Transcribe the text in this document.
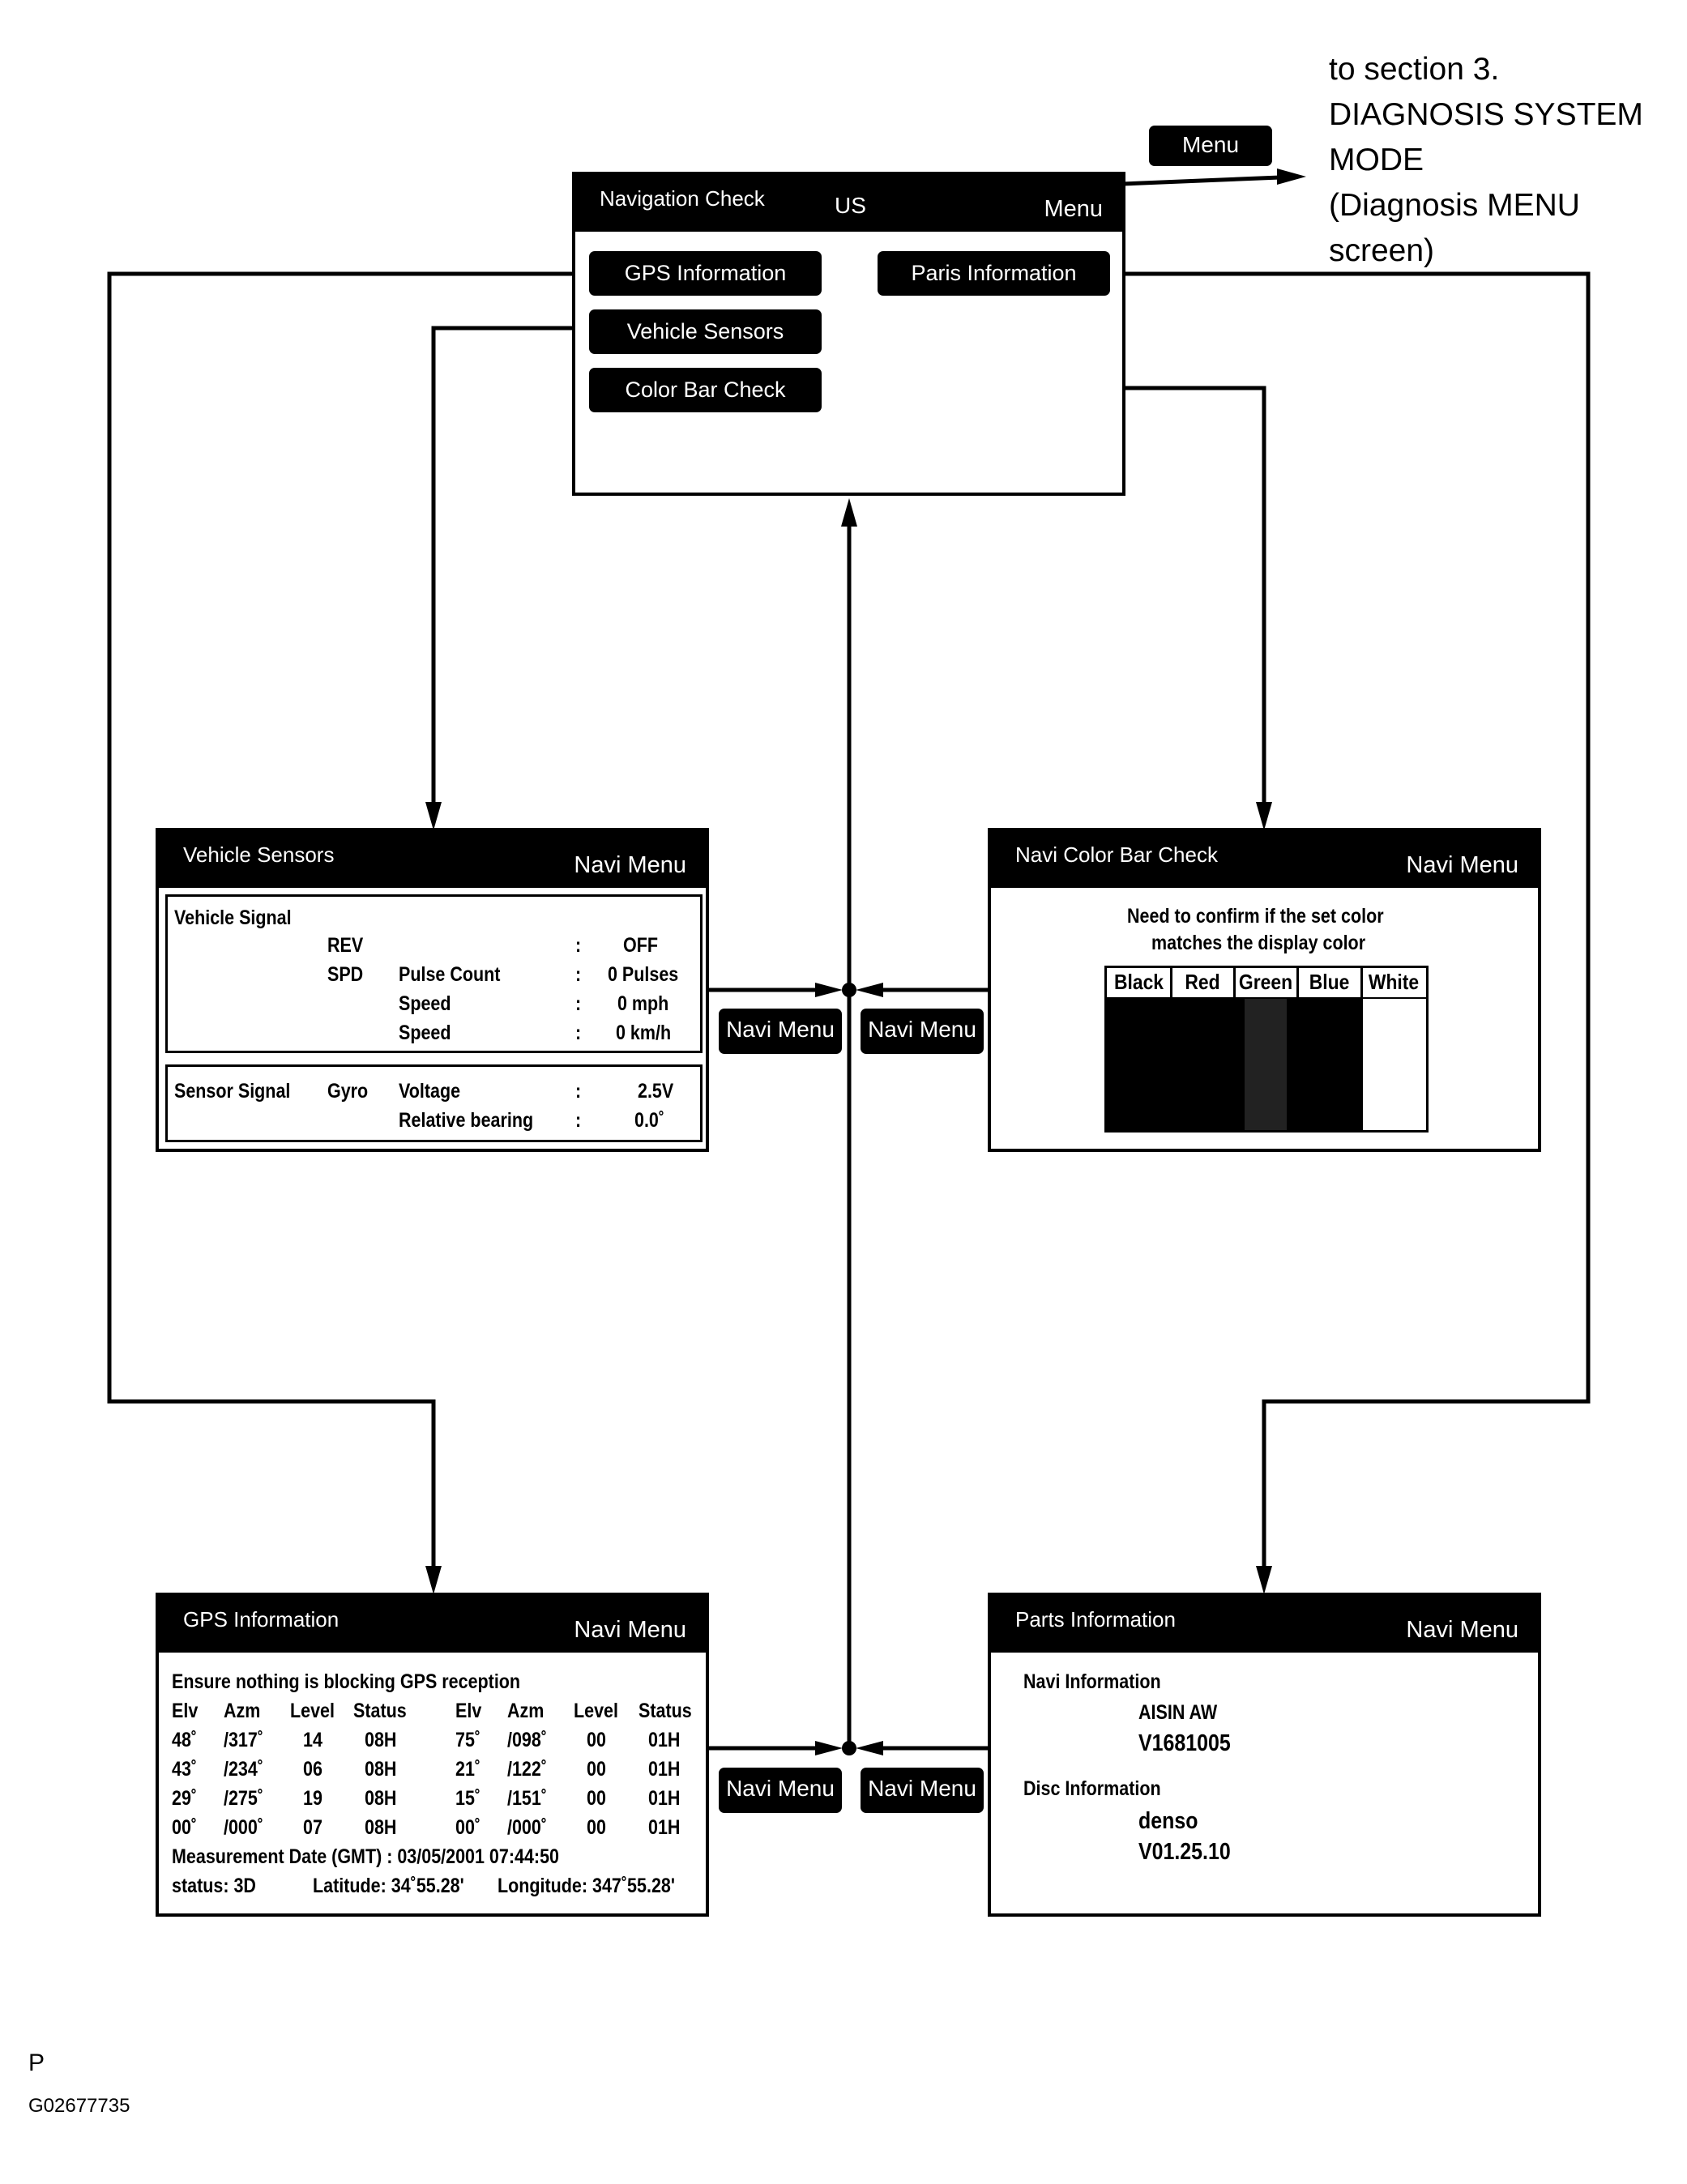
to section 3.
DIAGNOSIS SYSTEM
MODE
(Diagnosis MENU
screen)
Menu
Navigation Check	US	Menu
GPS Information	Paris Information
Vehicle Sensors
Color Bar Check
Vehicle Sensors	Navi Menu
Vehicle Signal
REV	: OFF
SPD Pulse Count	: 0 Pulses
Speed	: 0 mph
Speed	: 0 km/h
Sensor Signal Gyro Voltage	:	2.5V
Relative bearing :	0.0˚
Navi Color Bar Check	Navi Menu
Need to confirm if the set color
matches the display color
Black	Red Green Blue White
GPS Information	Navi Menu
Ensure nothing is blocking GPS reception
Elv Azm Level Status Elv Azm Level Status
48˚ /317˚ 14 08H	75˚ /098˚ 00 01H
43˚ /234˚ 06 08H	21˚ /122˚ 00 01H
29˚ /275˚ 19 08H	15˚ /151˚ 00 01H
00˚ /000˚ 07 08H	00˚ /000˚ 00 01H
Measurement Date (GMT) : 03/05/2001 07:44:50
status: 3D	Latitude: 34˚55.28' Longitude: 347˚55.28'
Parts Information	Navi Menu
Navi Information
AISIN AW
V1681005
Disc Information
denso
V01.25.10
Navi Menu	Navi Menu
Navi Menu	Navi Menu
P
G02677735
